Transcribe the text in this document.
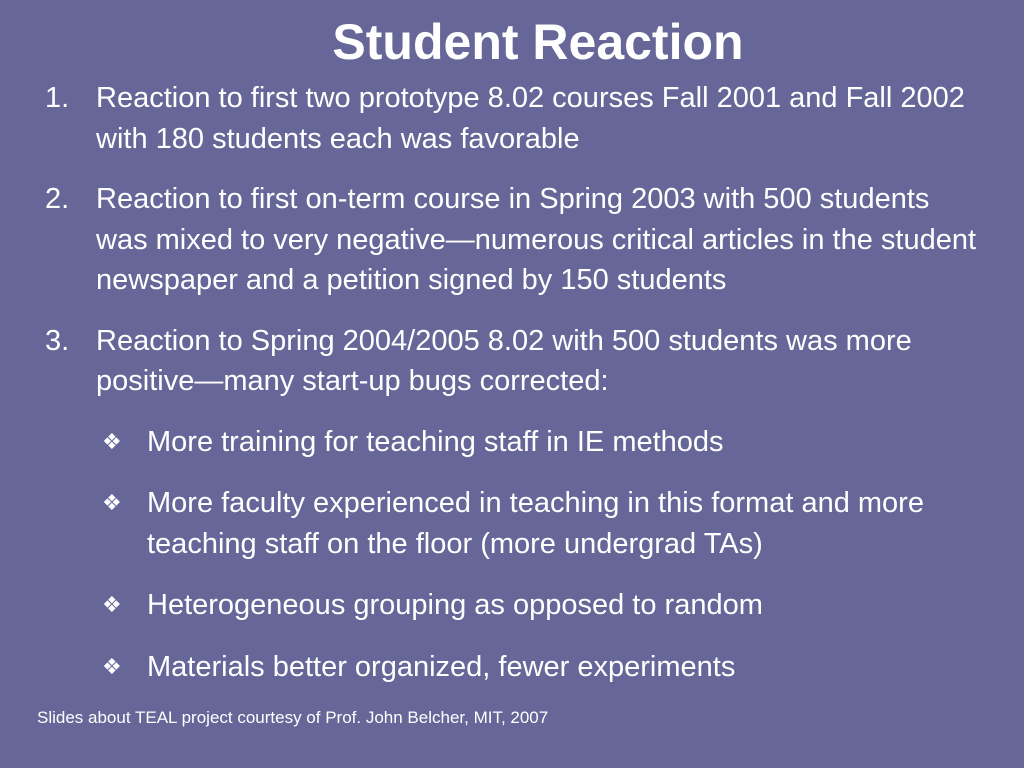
Student Reaction
1. Reaction to first two prototype 8.02 courses Fall 2001 and Fall 2002 with 180 students each was favorable
2. Reaction to first on-term course in Spring 2003 with 500 students was mixed to very negative—numerous critical articles in the student newspaper and a petition signed by 150 students
3. Reaction to Spring 2004/2005 8.02 with 500 students was more positive—many start-up bugs corrected:
❖ More training for teaching staff in IE methods
❖ More faculty experienced in teaching in this format and more teaching staff on the floor (more undergrad TAs)
❖ Heterogeneous grouping as opposed to random
❖ Materials better organized, fewer experiments
Slides about TEAL project courtesy of Prof. John Belcher, MIT, 2007
